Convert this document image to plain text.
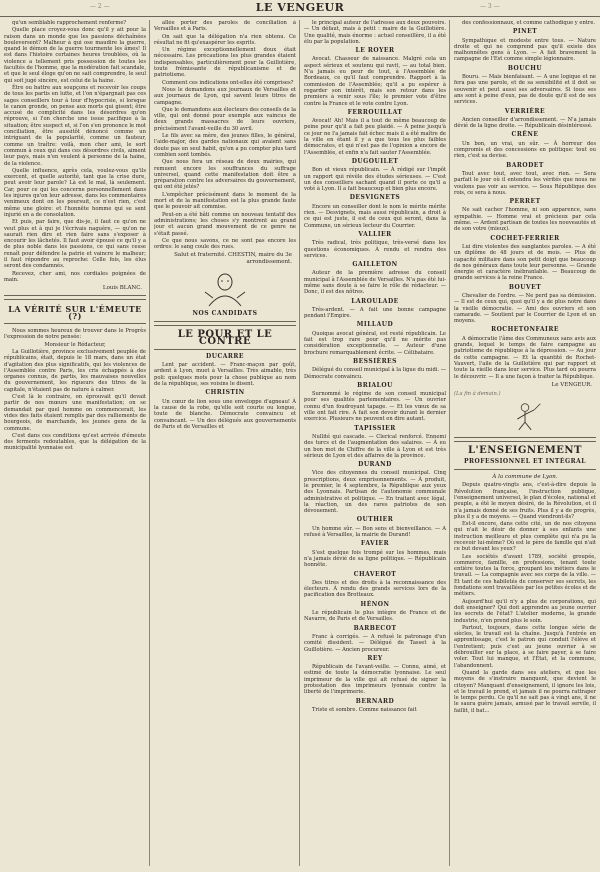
— 2 —	LE VENGEUR	— 3 —

qu'un semblable rapprochement renferme?

Quelle place croyez-vous donc qu'il y ait pour la raison dans un monde que les passions déchaînées bouleversent? Malheur à qui ose maudire la guerre, quand le démon de la guerre tourmente les âmes! Il est dans l'histoire certaines heures troublées, où la violence a tellement pris possession de toutes les facultés de l'homme, que la modération fait scandale, et que le seul éloge qu'on ne sait comprendre, le seul qui soit jugé sincère, est celui de la haine.

Être ou battre aux soupçons et recevoir les coups de tous les partis en lutte, et l'on n'épargnait pas ces sages conseillers tour à tour d'hypocrisie, si lorsque le canon gronde, on pense aux morts qui gisent; être accusé de complicité dans les désordres qu'on réprouve, si l'on cherche une issue pacifique à la situation; être suspect et, si l'on s'en prononce le mot conciliation, être aussitôt dénoncé comme un intriguant de la popularité, comme un fauteur, comme un traître: voilà, mon cher ami, le sort commun à ceux qui dans ces désordres civils, aiment leur pays, mais n'en veulent à personne de la haine, de la violence.

Quelle influence, après cela, voulez-vous qu'ils exercent, et quelle autorité, tant que la crise dure, peut avoir leur parole? Là est le mal, là seulement. Car, pour ce qui les concerne personnellement dans les injures qu'on leur adresse, dans les commentaires venimeux dont on les poursuit, ce n'est rien, c'est même une gloire: et l'honnête homme qui se sent injurié en a de consolation.

Et puis, par faire, que dis-je, il faut ce qu'on ne veut plus et à qui je l'écrivais naguère, — qu'on ne saurait rien dire et rien faire sans s'exposer à encourir les lâchetés. Il faut avoir épousé ce qu'il y a de plus noble dans les passions, ce qui sans cesse renaît pour défendre la patrie et vaincre le malheur; il faut répondre au reproche: Celle fois, les élus seront des condamnés.

Recevez, cher ami, nos cordiales poignées de main.

Louis BLANC.
LA VÉRITÉ SUR L'ÉMEUTE (?)

Nous sommes heureux de trouver dans le Progrès l'expression de notre pensée:

Monsieur le Rédacteur,

La Guillotière, province exclusivement peuplée de républicains, était, depuis le 18 mars, dans un état d'agitation des plus significatifs, qui les violences de l'Assemblée contre Paris, les cris échappés à des organes connus, de partis, les mauvaises nouvelles du gouvernement, les rigueurs des titres de la capitale, n'étaient pas de nature à calmer.

C'est là le contraire, on éprouvait qu'il devait partir de nos mœurs une manifestation; on se demandait par quel homme on commencerait, les vides des faits étaient remplis par des ralliements de bourgeois, de marchands, les jeunes gens de la commune.

C'est dans ces conditions qu'est arrivée d'émeute des ferments redoutables, que la délégation de la municipalité lyonnaise est

allée porter des paroles de conciliation à Versailles et à Paris.

On sait que la délégation n'a rien obtenu. Ce résultat ne fit qu'exaspérer les esprits.

Un régime exceptionnellement doux était nécessaire. Les précautions les plus grandes étaient indispensables, particulièrement pour la Guillotière, toute frémissante de républicanisme et de patriotisme.

Comment ces indications ont-elles été comprises?

Nous le demandons aux journaux de Versailles et aux journaux de Lyon, qui savent leurs titres de campagne.

Que le demandons aux électeurs des conseils de la ville, qui ont donné pour exemple aux vaincus de deux grands massacres de leurs ouvriers, précisément l'avant-veille du 30 avril.

Le fils avec sa mère, des jeunes filles, le général, l'aide-major, des gardes nationaux qui avaient sans doute pas un seul habit, qu'on a pu compter plus tard combien sont tombés.

Que nous fera un réseau de deux mairies, qui remuent encore les souffrances du suffrage universel, quand cette manifestation doit être a préparation contre les adversaires du gouvernement, qui ont été jetés?

L'empêcher précisément dans le moment de la mort et de la manifestation est la plus grande faute que le pouvoir ait commise.

Peut-on a été bâti comme un nouveau tentatif des administrations; les choses s'y montrent au grand jour et aucun grand mouvement de ce genre ne s'était passé.

Ce que nous savons, ce ne sont pas encore les ordres: le sang coule des rues.

Salut et fraternité. CHESTIN, maire du 3e arrondissement.
NOS CANDIDATS
LE POUR ET LE CONTRE
DUCARRE

Lent par accident. — Franc-maçon par goût, ardent à Lyon, muet à Versailles. Très aimable, très poli: quelques mots pour la chose publique au nom de la république, ses voisins le disent.

CHRISTIN

Un cœur de lion sous une enveloppe d'agneau! À la cause de la robe, qu'elle soit courte ou longue, toute de blanche. Démocrate convaincu et convaincant. — Un des délégués aux gouvernements de Paris et de Versailles et

le principal auteur de l'adresse aux deux pouvoirs. — Un défaut, mais à petit : maire de la Guillotière. Une qualité, mais énorme : actuel conseillère, il a été élu par la population.

LE ROYER

Avocat. Chasseur de naissance. Malgré cela un aspect sérieux et soutenu qui ravit, — au total bien. N'a jamais eu peur de tout, à l'Assemblée de Bordeaux, ce qu'il faut comprendre. Rapport à la commission de l'Assemblée; qu'il a pu espérer à regarder son intérêt, mais son retour dans les premiers à venir sous l'île; le premier vote d'être contre la France et le vote contre Lyon.

FERROUILLAT

Avocat! Ah! Mais il a tout de même beaucoup de peine pour qu'il a fait peu plaidé. — À peine jusqu'à ce jour ne l'a jamais fait échec mais il a été maître de la ville en étant il y a que tous les plus faibles démocrates, et qui n'est pas de l'opinion a encore de l'Assemblée, et enfin n'a fait sauter l'Assemblée.

DUGOUILET

Bon et vieux républicain. — À rédigé sur l'impôt un rapport qui révèle des études sérieuses. — C'est un des conseillers sachant quand il porte ce qu'il a voté à Lyon. Il a fait beaucoup et bien plus encore.

DESVIGNETS

Encore un conseiller dont le nom le mérite mérite rien. — Desvignets, mais aussi républicain, a droit à ce qui est juste, il est de ceux qui seront, dans la Commune, un sérieux lecteur du Courrier.

VALLIER

Très radical, très politique, très-versé dans les questions économiques. À rendu et rendra des services.

GAILLETON

Auteur de la première adresse du conseil municipal à l'Assemblée de Versailles. N'a pas été lui-même sans doute à se faire le rôle de rédacteur. — Donc, il est des nôtres.

LAROULADE

Très-ardent. — A fait une bonne campagne pendant l'Empire.

MILLAUD

Quoique avocat général, est resté républicain. Le fait est trop rare pour qu'il ne mérite pas considération exceptionnelle. — Auteur d'une brochure remarquablement écrite. — Célibataire.

BESSIÈRES

Délégué du conseil municipal à la ligue du midi. — Démocrate convaincu.

BRIALOU

Surnommé le régime de son conseil municipal pour ses qualités parlementaires. — Un ouvrier connu d'un foudroyant tapage. — Et les vœux de sa ville ont fait rire. A fait son devoir durant le dernier exercice. Plusieurs ne peuvent en dire autant.

TAPISSIER

Nullité qui cascade. — Clerical renforcé. Ennemi des turcs et de l'augmentation des salaires. — À eu un bon mot de Chiffre de la ville à Lyon et est très sérieux de Lyon et des affaires de la province.

DURAND

Vice des citoyennes du conseil municipal. Cinq prescriptions, deux emprisonnements. — À produit, le premier, le 4 septembre, la République aux yeux des Lyonnais. Partisan de l'autonomie communale administrative et politique. — En traitant avec légal, la réaction, un des rares patriotes de son dévouement.

OUTHIER

Un homme sûr. — Bon sens et bienveillance. — A refusé à Versailles, la mairie de Durand!

FAVIER

S'est quelque fois trompé sur les hommes, mais n'a jamais dévié de sa ligne politique. — Républicain honnête.

CHAVEROT

Des titres et des droits à la reconnaissance des électeurs. À rendu des grands services lors de la pacification des Brotteaux.

HÉNON

Le républicain le plus intègre de France et de Navarre, de Paris et de Versailles.

BARBECOT

Franc à corrigés. — A refusé le patronage d'un comité dissident. — Délégué de Tasset à la Guillotière. — Ancien procureur.

REY

Républicain de l'avant-veille. — Connu, aimé, et estimé de toute la démocratie lyonnaise. Le seul imprimeur de la ville qui ait refusé de signer la protestation des imprimeurs lyonnais contre la liberté de l'imprimerie.

BERNARD

Triste et sombre. Comme naissance fait

des confessionnaux, et comme cathodique y entre.

PINET

Sympathique et modeste entre tous. — Nature droite et qui ne comprend pas qu'il existe des malhonnêtes gens à Lyon. — A fait bravement la campagne de l'Est comme simple légionnaire.

BOUCHU

Bouru. — Mais bienfaisant. — A une logique et ne fera pas une parole, et de sa sensibilité et il doit se souvenir et peut aussi ses adversaires. Si tous ses ans sont à peine d'eux, pas de doute qu'il est de ses services.

VERRIÈRE

Ancien conseiller d'arrondissement. — N'a jamais dévié de la ligne droite. — Républicain désintéressé.

CRÊNE

Un bon, un vrai, un sûr. — À horreur des compromis et des concessions en politique: tout ou rien, c'est sa devise.

BARODET

Tout avec tout, avec tout, avec rien. — Sera parfait le jour où il entendra les vérités que nous ne voulons pas voir au service. — Sous République des rois, ce sera à nous.

PERRET

Ne sait cacher l'homme, ni son apparence, sans sympathie. — Homme vrai et précieux par cela même. — Ardent partisan de toutes les nouveautés et de son votre (mieux).

COCHET-FERRIER

Lui dire violentes des sanglantes paroles. — A été un diplôme de 48 jours et de mois. — Plus de capacité militaire dans son petit doigt que beaucoup de nos généraux dans toute leur personne. — Grande énergie et caractère inébranlable. — Beaucoup de grande services à la reine France.

BOUVET

Chevalier de l'ordre. — Ne perd pas sa démission. — Il est de ceux qui, quoi qu'il y a de plus notre dans la vieille démocratie. — Ami des ouvriers et son camarade. — Soutient par le Courrier de Lyon et un moyens.

ROCHETONFAIRE

A démocratie l'âme des Communeux sans avis aux grands, lequel le temps de faire campagne au patriotisme de république à la dépression. — Au jour de cette campagne. — Et la quantité de Rochet-Vauvert, l'aile de la Guillotière qui par rapport et toute la vieille dans leur service. Plus tard où pourra le découvrir. — Il a une façon à traiter la République.

Le VENGEUR.

(La fin à demain.)

L'ENSEIGNEMENT
PROFESSIONNEL ET INTÉGRAL
À la commune de Lyon.

Depuis quatre-vingts ans, c'est-à-dire depuis la Révolution française, l'instruction publique, l'enseignement universel, le plan d'écoles, national et peuple, a été le moyen désiré, de la Révolution, et il n'a jamais donné de ses fruits. Plus il y a de progrès, plus il y a de moyens. — Quand viendront-ils?

Est-il encore, dans cette cité, un de nos citoyens qui n'ait le désir de donner à ses enfants une instruction meilleure et plus complète qui n'a pu la recevoir lui-même? Où est le père de famille qui n'ait ce but devant les yeux?

Les sociétés d'avant 1789, société groupée, commerce, famille, en professions, tenant toute entière toutes la force, groupant les métiers dans le travail. — La compagnie avec ses corps de la ville. — Et tant de ces habiletés de conserver ses secrets, les fondations sont travaillées par les petites écoles et de métiers.

Aujourd'hui qu'il n'y a plus de corporations, qui doit enseigner? Qui doit apprendre au jeune ouvrier les secrets de l'état? L'atelier moderne, la grande industrie, n'en prend plus le soin.

Partout, toujours, dans cette longue série de siècles, le travail est la chaîne. Jusqu'à l'entrée en apprentissage, c'est le patron qui conduit l'élève et l'entretient; puis c'est au jeune ouvrier à se débrouiller sur la place, à se faire payer, à se faire voler. Tout lui manque, et l'État, et la commune, l'abandonnent.

Quand la garde dans ses ateliers, et que les moyens de s'instruire manquent, que devient le citoyen? Manquant d'enseignement, il ignore les lois, et le travail le prend, et jamais il ne pourra rattraper le temps perdu. Ce qu'il ne sait pas à vingt ans, il ne le saura guère jamais, amusé par le travail servile, il faillit, il bat...
